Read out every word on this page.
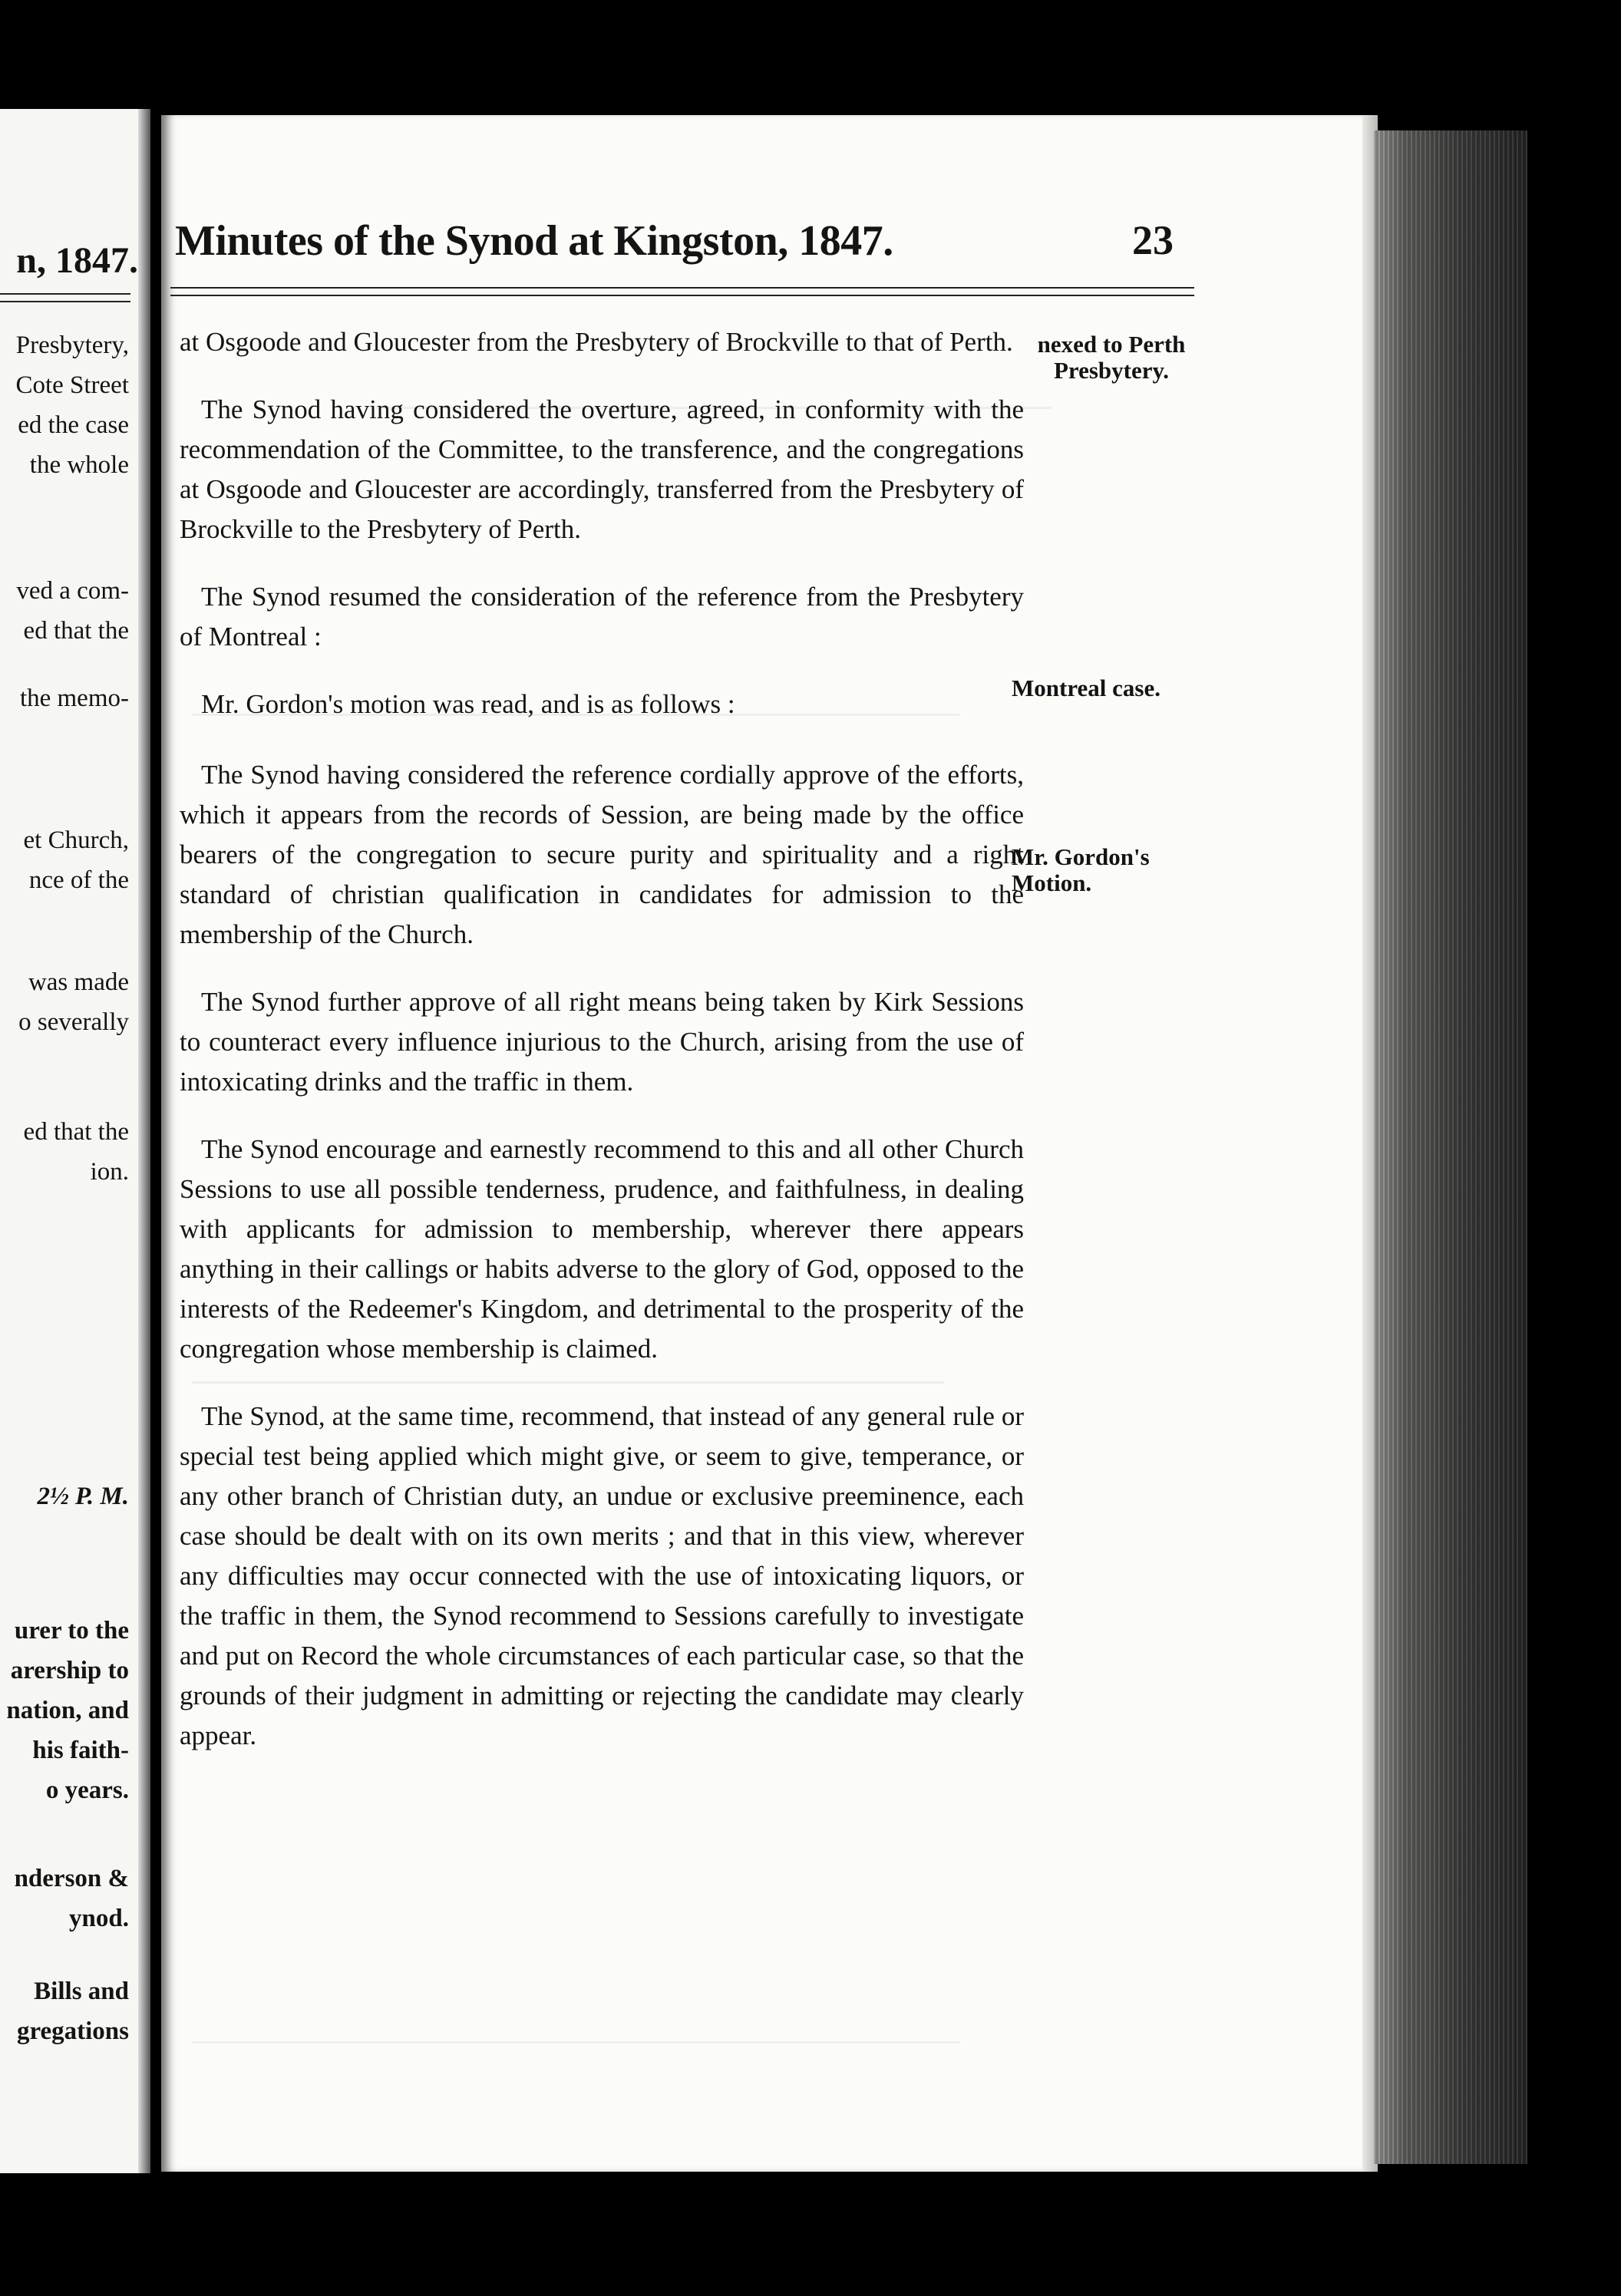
n, 1847.
Presbytery,
Cote Street
ed the case
the whole
ved a com-
ed that the
the memo-
et Church,
nce of the
was made
o severally
ed that the
ion.
2½ P. M.
urer to the
arership to
nation, and
his faith-
o years.
nderson &
ynod.
Bills and
gregations
Minutes of the Synod at Kingston, 1847.	23

at Osgoode and Gloucester from the Presbytery of Brockville to that of Perth.

The Synod having considered the overture, agreed, in conformity with the recommendation of the Committee, to the transference, and the congregations at Osgoode and Gloucester are accordingly, transferred from the Presbytery of Brockville to the Presbytery of Perth.

The Synod resumed the consideration of the reference from the Presbytery of Montreal :

Mr. Gordon's motion was read, and is as follows :

The Synod having considered the reference cordially approve of the efforts, which it appears from the records of Session, are being made by the office bearers of the congregation to secure purity and spirituality and a right standard of christian qualification in candidates for admission to the membership of the Church.

The Synod further approve of all right means being taken by Kirk Sessions to counteract every influence injurious to the Church, arising from the use of intoxicating drinks and the traffic in them.

The Synod encourage and earnestly recommend to this and all other Church Sessions to use all possible tenderness, prudence, and faithfulness, in dealing with applicants for admission to membership, wherever there appears anything in their callings or habits adverse to the glory of God, opposed to the interests of the Redeemer's Kingdom, and detrimental to the prosperity of the congregation whose membership is claimed.

The Synod, at the same time, recommend, that instead of any general rule or special test being applied which might give, or seem to give, temperance, or any other branch of Christian duty, an undue or exclusive preeminence, each case should be dealt with on its own merits ; and that in this view, wherever any difficulties may occur connected with the use of intoxicating liquors, or the traffic in them, the Synod recommend to Sessions carefully to investigate and put on Record the whole circumstances of each particular case, so that the grounds of their judgment in admitting or rejecting the candidate may clearly appear.

nexed to Perth Presbytery.
Montreal case.
Mr. Gordon's Motion.
